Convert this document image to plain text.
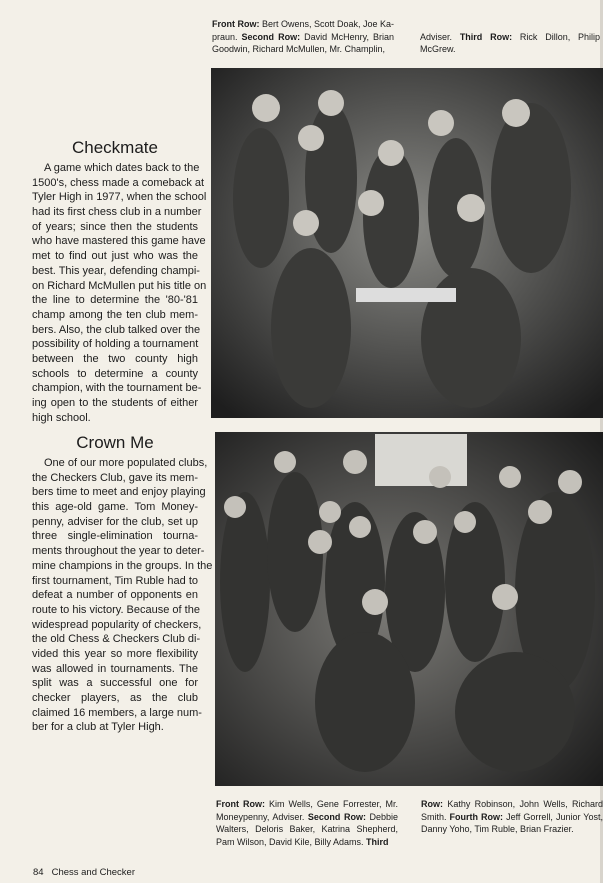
Front Row: Bert Owens, Scott Doak, Joe Ka-
praun. Second Row: David McHenry, Brian
Goodwin, Richard McMullen, Mr. Champlin,
Adviser. Third Row: Rick Dillon, Philip
McGrew.
Checkmate
A game which dates back to the
1500's, chess made a comeback at
Tyler High in 1977, when the school
had its first chess club in a number
of years; since then the students
who have mastered this game have
met to find out just who was the
best. This year, defending champi-
on Richard McMullen put his title on
the line to determine the '80-'81
champ among the ten club mem-
bers. Also, the club talked over the
possibility of holding a tournament
between the two county high
schools to determine a county
champion, with the tournament be-
ing open to the students of either
high school.
Crown Me
One of our more populated clubs,
the Checkers Club, gave its mem-
bers time to meet and enjoy playing
this age-old game. Tom Money-
penny, adviser for the club, set up
three single-elimination tourna-
ments throughout the year to deter-
mine champions in the groups. In the
first tournament, Tim Ruble had to
defeat a number of opponents en
route to his victory. Because of the
widespread popularity of checkers,
the old Chess & Checkers Club di-
vided this year so more flexibility
was allowed in tournaments. The
split was a successful one for
checker players, as the club
claimed 16 members, a large num-
ber for a club at Tyler High.
Front Row: Kim Wells, Gene Forrester, Mr.
Moneypenny, Adviser. Second Row: Debbie
Walters, Deloris Baker, Katrina Shepherd,
Pam Wilson, David Kile, Billy Adams. Third
Row: Kathy Robinson, John Wells, Richard
Smith. Fourth Row: Jeff Gorrell, Junior Yost,
Danny Yoho, Tim Ruble, Brian Frazier.
84 Chess and Checker
